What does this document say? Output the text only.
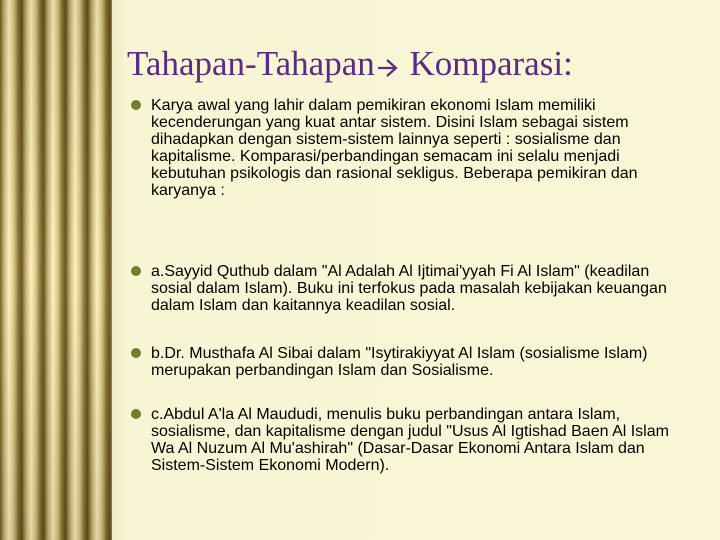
Tahapan-Tahapan Komparasi:
Karya awal yang lahir dalam pemikiran ekonomi Islam memiliki kecenderungan yang kuat antar sistem. Disini Islam sebagai sistem dihadapkan dengan sistem-sistem lainnya seperti : sosialisme dan kapitalisme. Komparasi/perbandingan semacam ini selalu menjadi kebutuhan psikologis dan rasional sekligus. Beberapa pemikiran dan karyanya :
a.Sayyid Quthub dalam "Al Adalah Al Ijtimai'yyah Fi Al Islam" (keadilan sosial dalam Islam). Buku ini terfokus pada masalah kebijakan keuangan dalam Islam dan kaitannya keadilan sosial.
b.Dr. Musthafa Al Sibai dalam "Isytirakiyyat Al Islam (sosialisme Islam) merupakan perbandingan Islam dan Sosialisme.
c.Abdul A'la Al Maududi, menulis buku perbandingan antara Islam, sosialisme, dan kapitalisme dengan judul "Usus Al Igtishad Baen Al Islam Wa Al Nuzum Al Mu'ashirah" (Dasar-Dasar Ekonomi Antara Islam dan Sistem-Sistem Ekonomi Modern).
